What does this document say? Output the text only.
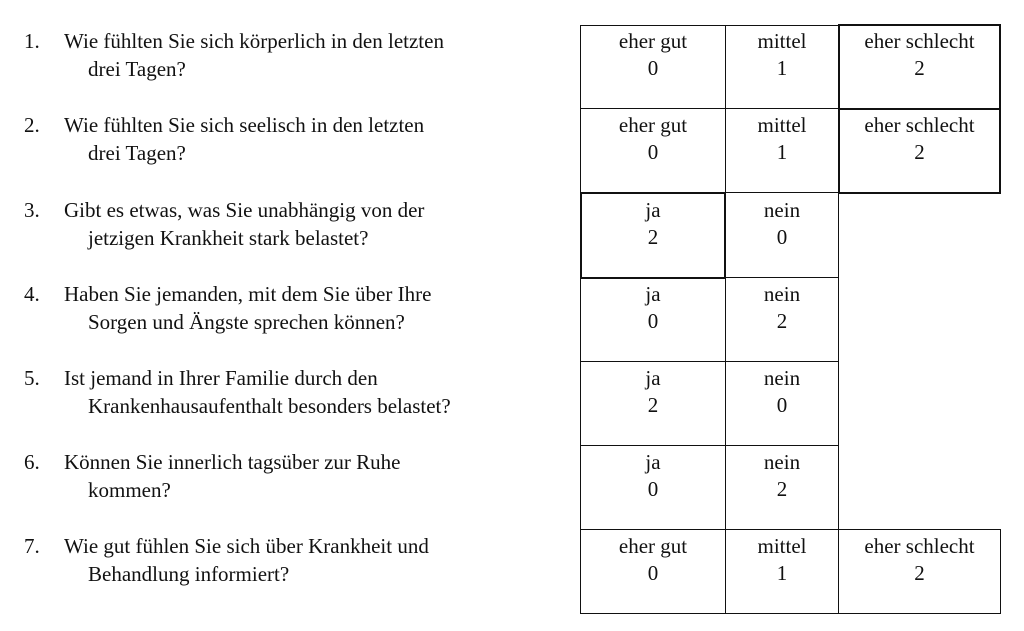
1. Wie fühlten Sie sich körperlich in den letzten
drei Tagen?
2. Wie fühlten Sie sich seelisch in den letzten
drei Tagen?
3. Gibt es etwas, was Sie unabhängig von der
jetzigen Krankheit stark belastet?
4. Haben Sie jemanden, mit dem Sie über Ihre
Sorgen und Ängste sprechen können?
5. Ist jemand in Ihrer Familie durch den
Krankenhausaufenthalt besonders belastet?
6. Können Sie innerlich tagsüber zur Ruhe
kommen?
7. Wie gut fühlen Sie sich über Krankheit und
Behandlung informiert?
eher gut
0
mittel
1
eher schlecht
2
eher gut
0
mittel
1
eher schlecht
2
ja
2
nein
0
ja
0
nein
2
ja
2
nein
0
ja
0
nein
2
eher gut
0
mittel
1
eher schlecht
2
